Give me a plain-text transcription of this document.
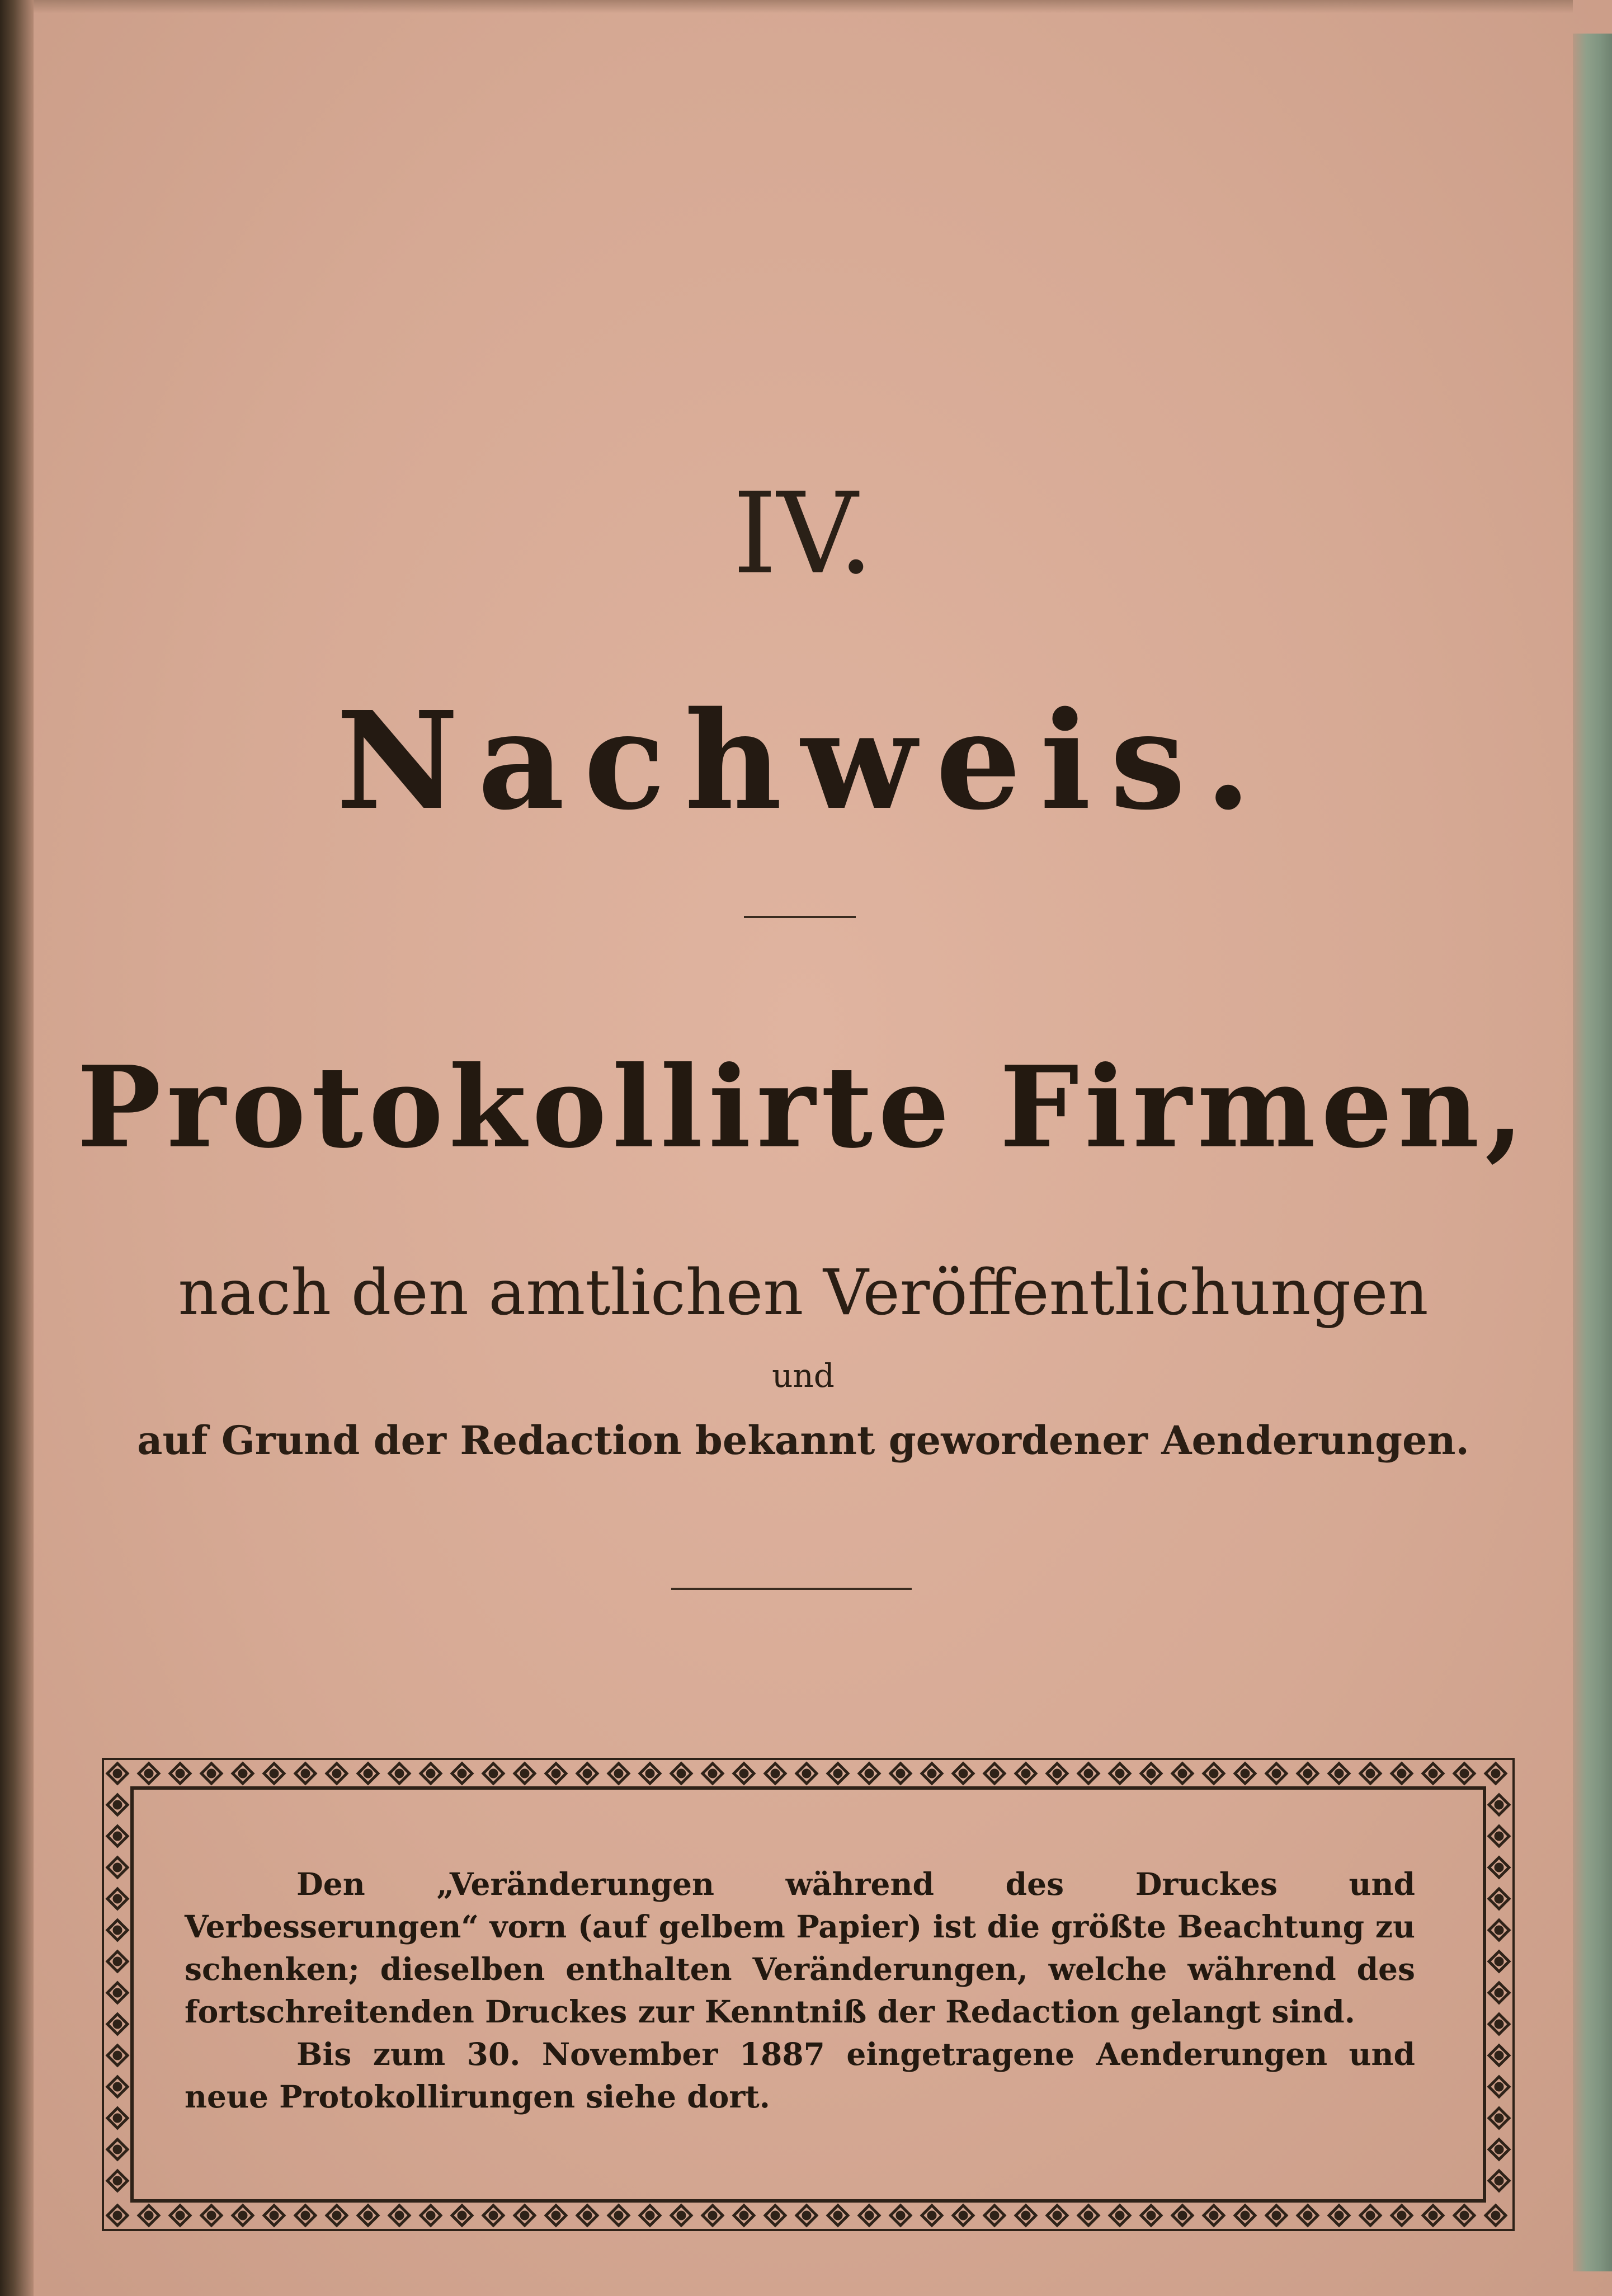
IV.
Nachweis.
Protokollirte Firmen,
nach den amtlichen Veröffentlichungen
und
auf Grund der Redaction bekannt gewordener Aenderungen.

Den „Veränderungen während des Druckes und Verbesserungen“ vorn (auf gelbem Papier) ist die größte Beachtung zu schenken; dieselben enthalten Veränderungen, welche während des fortschreitenden Druckes zur Kenntniß der Redaction gelangt sind.

Bis zum 30. November 1887 eingetragene Aenderungen und neue Protokollirungen siehe dort.
